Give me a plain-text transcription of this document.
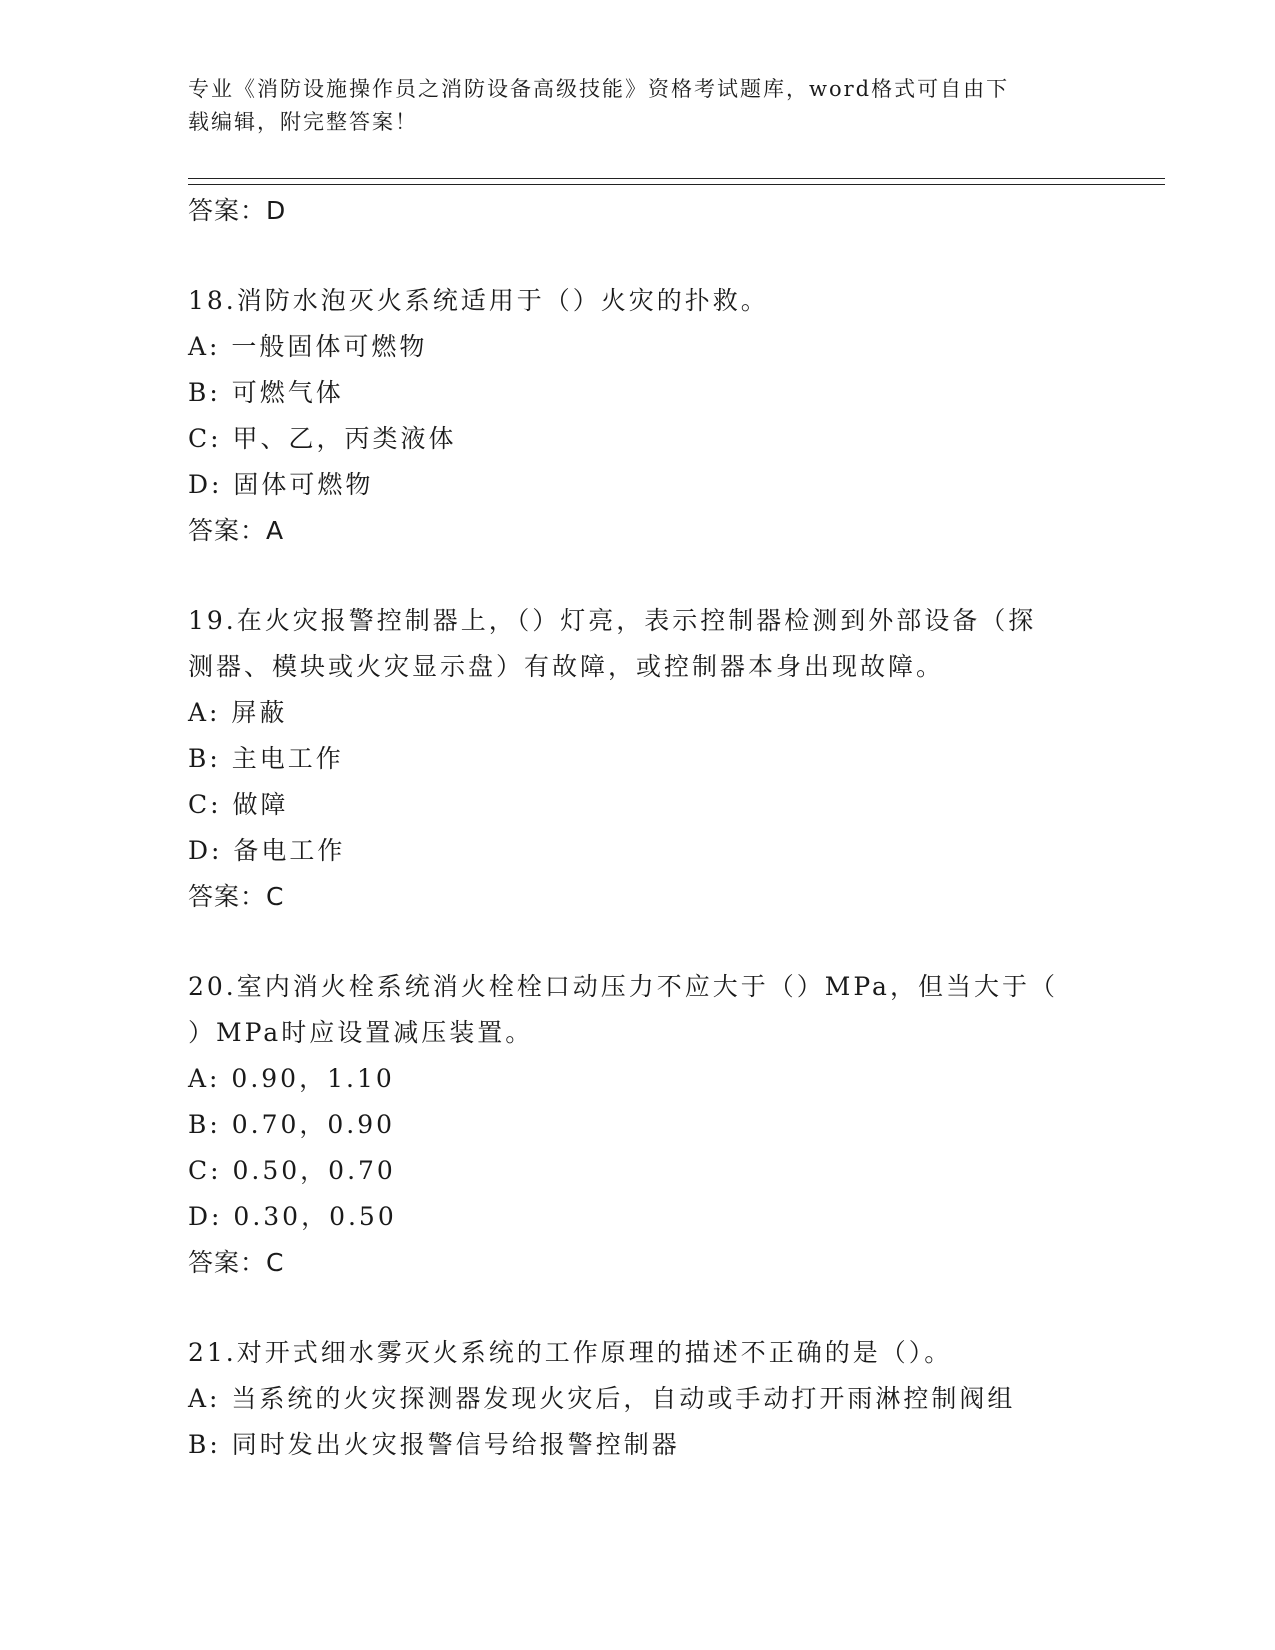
专业《消防设施操作员之消防设备高级技能》资格考试题库，word格式可自由下
载编辑，附完整答案！
答案：D
18.消防水泡灭火系统适用于（）火灾的扑救。
A: 一般固体可燃物
B: 可燃气体
C: 甲、乙，丙类液体
D: 固体可燃物
答案：A
19.在火灾报警控制器上，（）灯亮，表示控制器检测到外部设备（探
测器、模块或火灾显示盘）有故障，或控制器本身出现故障。
A: 屏蔽
B: 主电工作
C: 做障
D: 备电工作
答案：C
20.室内消火栓系统消火栓栓口动压力不应大于（）MPa，但当大于（
）MPa时应设置减压装置。
A: 0.90，1.10
B: 0.70，0.90
C: 0.50，0.70
D: 0.30，0.50
答案：C
21.对开式细水雾灭火系统的工作原理的描述不正确的是（）。
A: 当系统的火灾探测器发现火灾后，自动或手动打开雨淋控制阀组
B: 同时发出火灾报警信号给报警控制器
